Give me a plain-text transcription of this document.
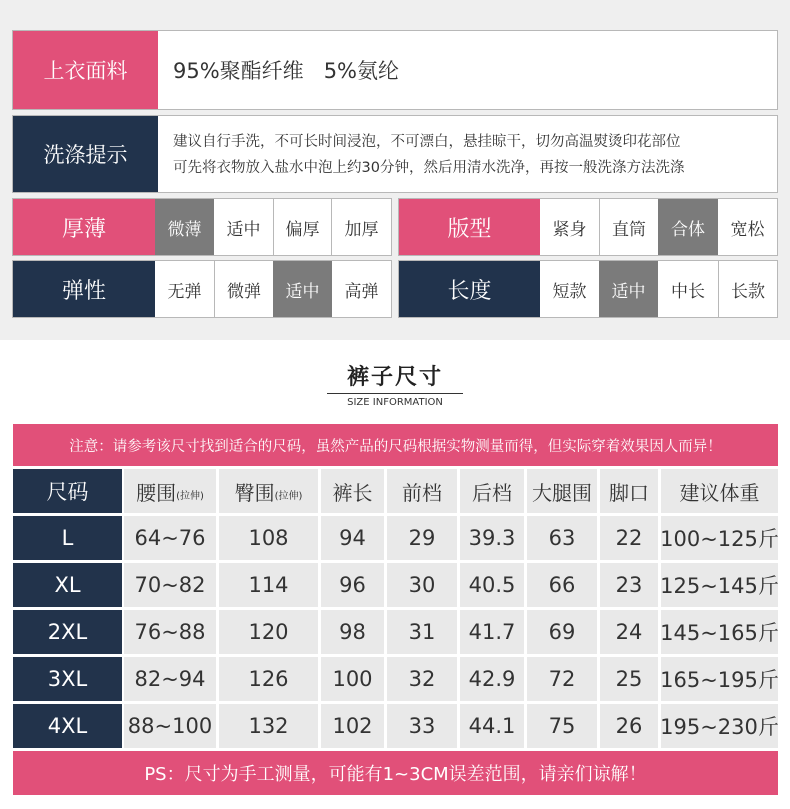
上衣面料	95%聚酯纤维   5%氨纶
洗涤提示
建议自行手洗，不可长时间浸泡，不可漂白，悬挂晾干，切勿高温熨烫印花部位
可先将衣物放入盐水中泡上约30分钟，然后用清水洗净，再按一般洗涤方法洗涤
厚薄	微薄	适中	偏厚	加厚	版型	紧身	直筒	合体	宽松
弹性	无弹	微弹	适中	高弹	长度	短款	适中	中长	长款
裤子尺寸
SIZE INFORMATION
注意：请参考该尺寸找到适合的尺码，虽然产品的尺码根据实物测量而得，但实际穿着效果因人而异！
尺码 腰围 (拉伸) 臀围 (拉伸) 裤长 前档 后档 大腿围 脚口 建议体重
L	64~76	108	94	29	39.3	63	22 100~125斤
XL	70~82	114	96	30	40.5	66	23 125~145斤
2XL	76~88	120	98	31	41.7	69	24 145~165斤
3XL	82~94	126	100	32	42.9	72	25 165~195斤
4XL	88~100	132	102	33	44.1	75	26 195~230斤
PS：尺寸为手工测量，可能有1~3CM误差范围，请亲们谅解！
